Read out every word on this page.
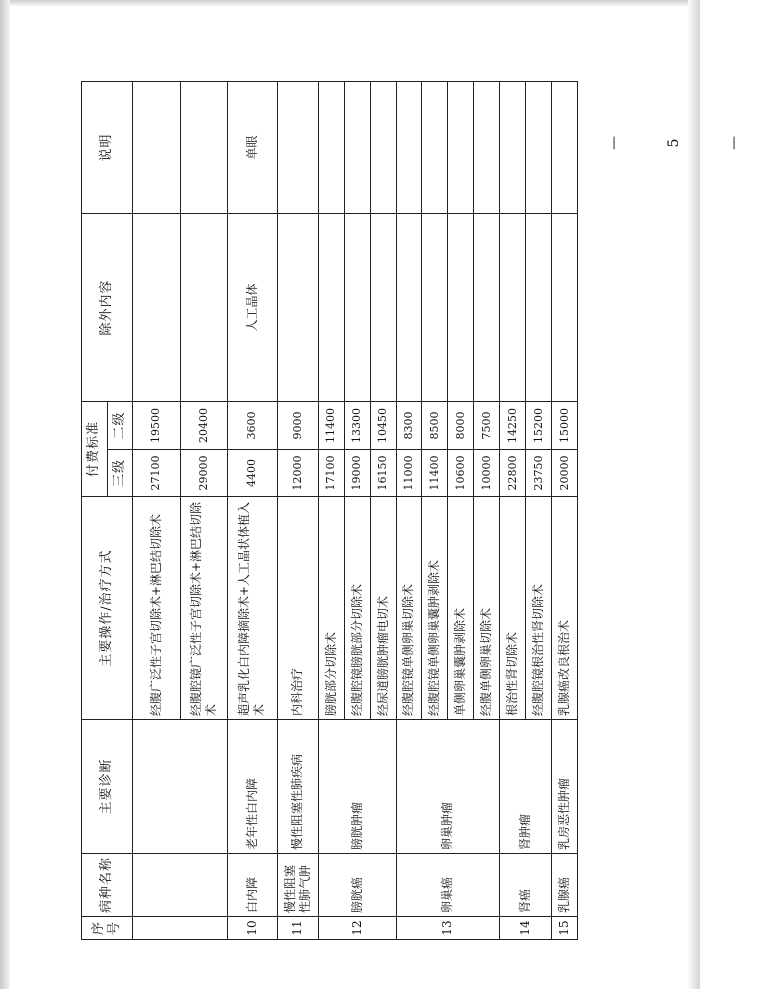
— 5 —
序号	病种名称	主要诊断	主要操作/治疗方式	付费标准		除外内容	说明
				三级	二级		
			经腹广泛性子宫切除术+淋巴结切除术	27100	19500		
			经腹腔镜广泛性子宫切除术+淋巴结切除术	29000	20400		
10	白内障	老年性白内障	超声乳化白内障摘除术+人工晶状体植入术	4400	3600	人工晶体	单眼
11	慢性阻塞性肺气肿	慢性阻塞性肺疾病	内科治疗	12000	9000		
12	膀胱癌	膀胱肿瘤	膀胱部分切除术	17100	11400		
			经腹腔镜膀胱部分切除术	19000	13300		
			经尿道膀胱肿瘤电切术	16150	10450		
13	卵巢癌	卵巢肿瘤	经腹腔镜单侧卵巢切除术	11000	8300		
			经腹腔镜单侧卵巢囊肿剥除术	11400	8500		
			单侧卵巢囊肿剥除术	10600	8000		
			经腹单侧卵巢切除术	10000	7500		
14	肾癌	肾肿瘤	根治性肾切除术	22800	14250		
			经腹腔镜根治性肾切除术	23750	15200		
15	乳腺癌	乳房恶性肿瘤	乳腺癌改良根治术	20000	15000		
